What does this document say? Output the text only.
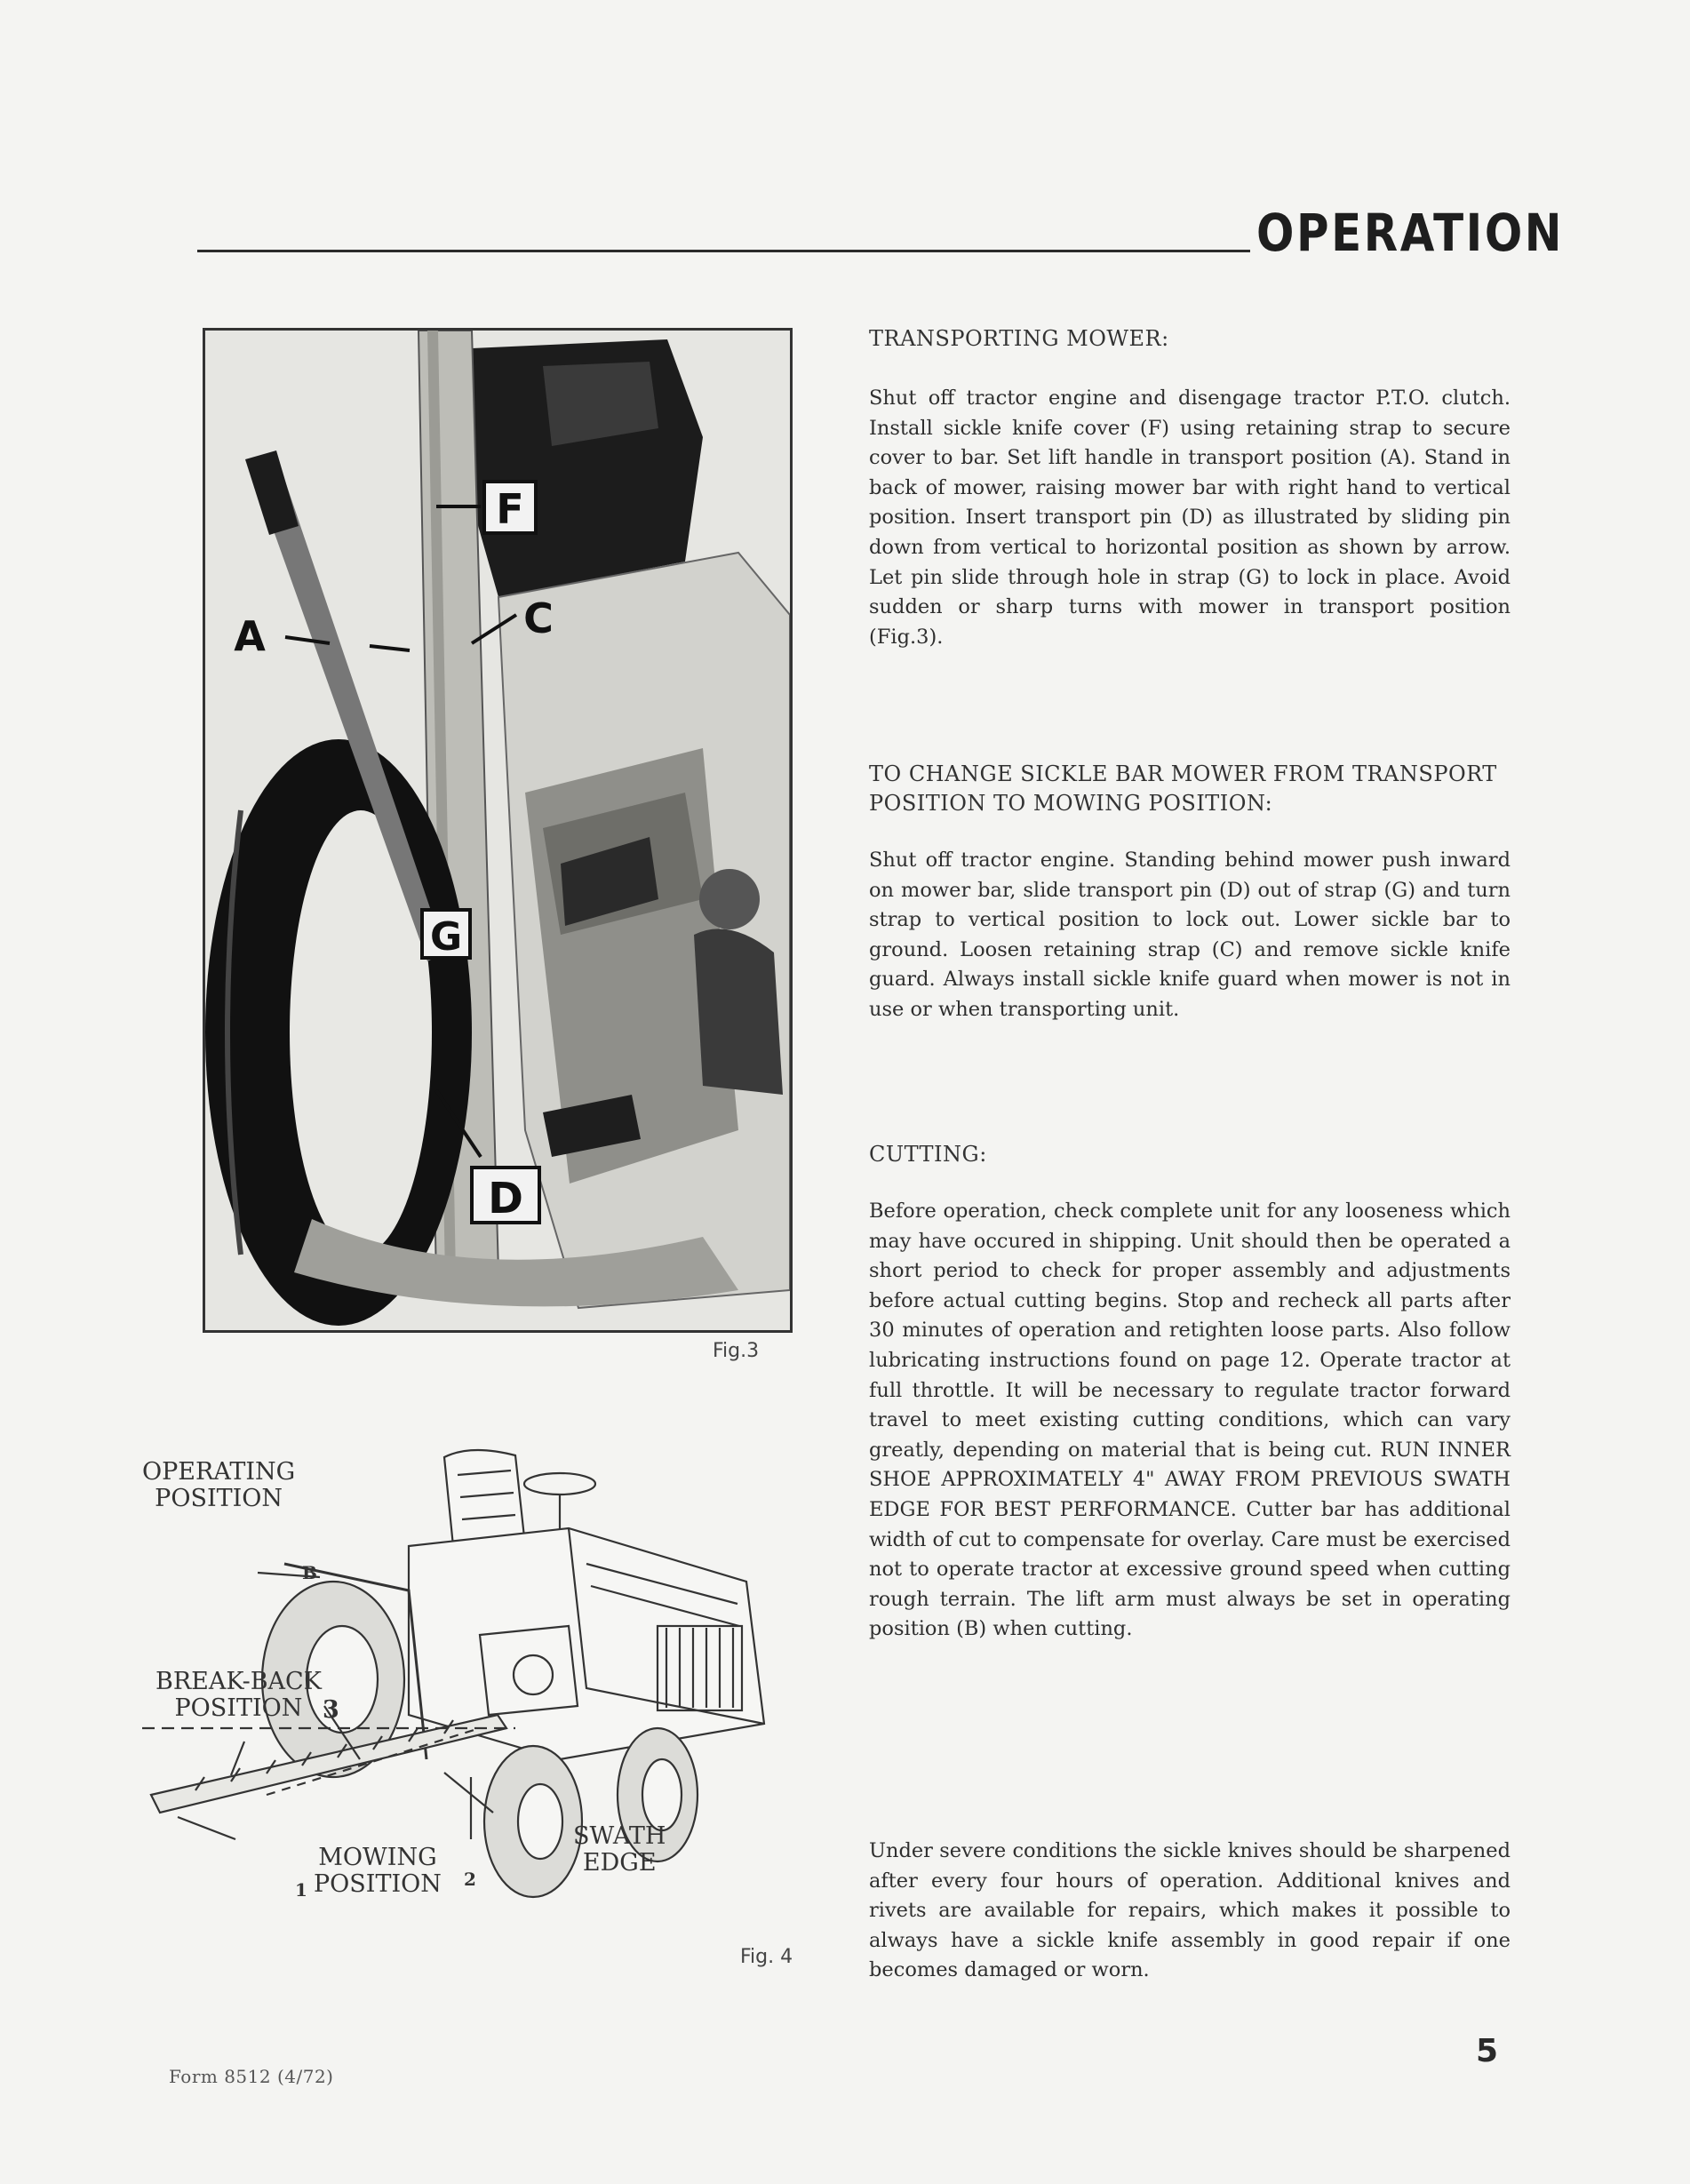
OPERATION
F
G
D
A	C
Fig.3
OPERATING
POSITION
B
BREAK-BACK
POSITION 3
MOWING
POSITION
1	2
SWATH
EDGE
Fig. 4
TRANSPORTING MOWER:

Shut off tractor engine and disengage tractor P.T.O. clutch. Install sickle knife cover (F) using retaining strap to secure cover to bar. Set lift handle in transport position (A). Stand in back of mower, raising mower bar with right hand to vertical position. Insert transport pin (D) as illustrated by sliding pin down from vertical to horizontal position as shown by arrow. Let pin slide through hole in strap (G) to lock in place. Avoid sudden or sharp turns with mower in transport position (Fig.3).

TO CHANGE SICKLE BAR MOWER FROM TRANSPORT POSITION TO MOWING POSITION:

Shut off tractor engine. Standing behind mower push inward on mower bar, slide transport pin (D) out of strap (G) and turn strap to vertical position to lock out. Lower sickle bar to ground. Loosen retaining strap (C) and remove sickle knife guard. Always install sickle knife guard when mower is not in use or when transporting unit.

CUTTING:

Before operation, check complete unit for any looseness which may have occured in shipping. Unit should then be operated a short period to check for proper assembly and adjustments before actual cutting begins. Stop and recheck all parts after 30 minutes of operation and retighten loose parts. Also follow lubricating instructions found on page 12. Operate tractor at full throttle. It will be necessary to regulate tractor forward travel to meet existing cutting conditions, which can vary greatly, depending on material that is being cut. RUN INNER SHOE APPROXIMATELY 4" AWAY FROM PREVIOUS SWATH EDGE FOR BEST PERFORMANCE. Cutter bar has additional width of cut to compensate for overlay. Care must be exercised not to operate tractor at excessive ground speed when cutting rough terrain. The lift arm must always be set in operating position (B) when cutting.

Under severe conditions the sickle knives should be sharpened after every four hours of operation. Additional knives and rivets are available for repairs, which makes it possible to always have a sickle knife assembly in good repair if one becomes damaged or worn.

Form 8512 (4/72)
5
